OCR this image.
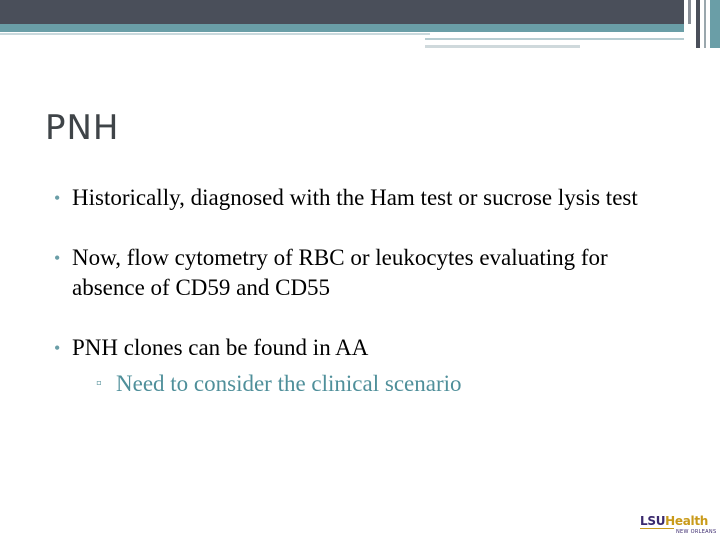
PNH
• Historically, diagnosed with the Ham test or sucrose lysis test
• Now, flow cytometry of RBC or leukocytes evaluating for absence of CD59 and CD55
• PNH clones can be found in AA
▫ Need to consider the clinical scenario
LSUHealth
NEW ORLEANS
